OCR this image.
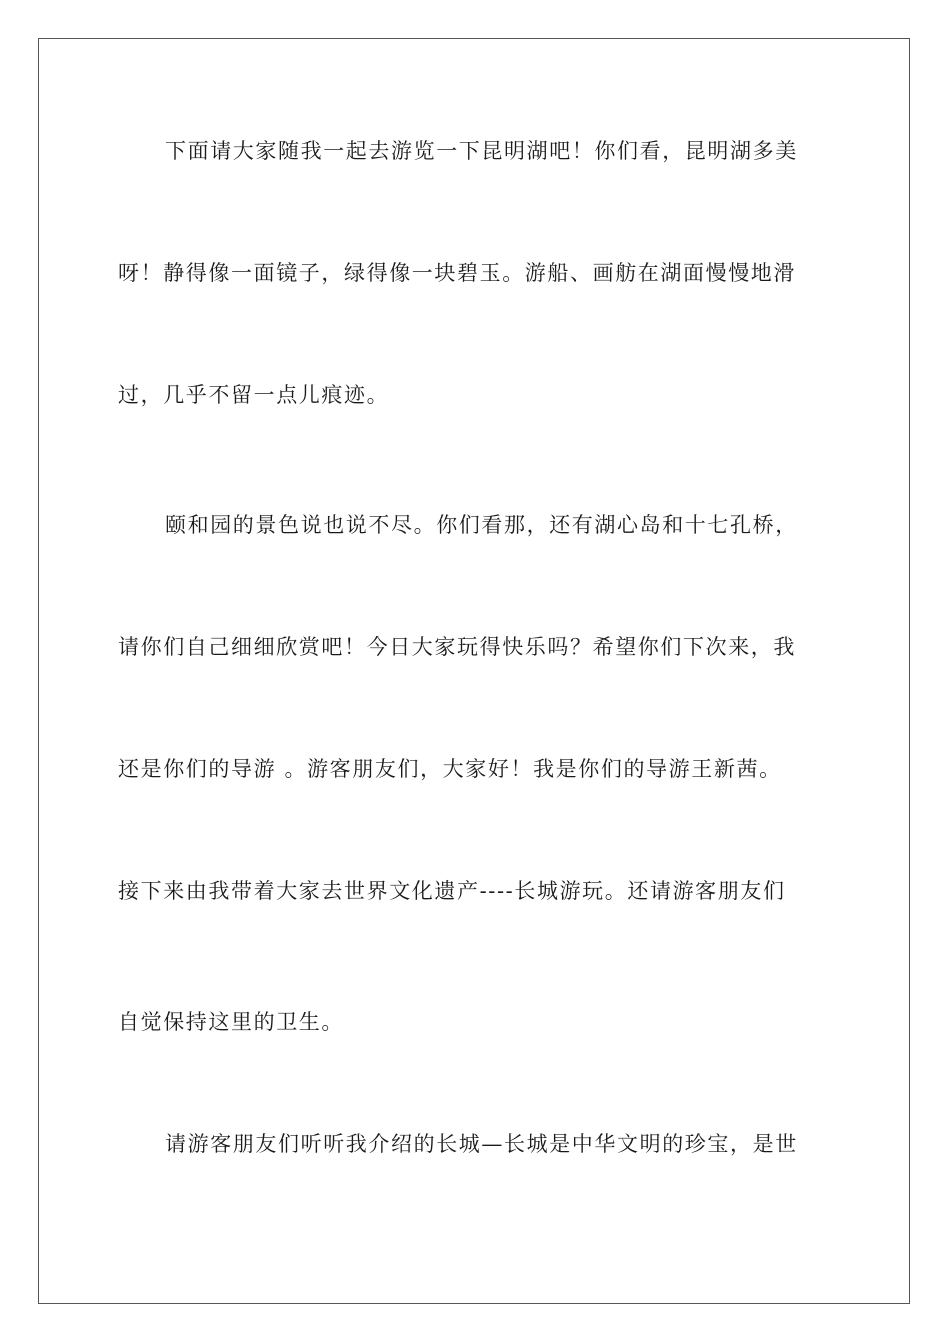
下面请大家随我一起去游览一下昆明湖吧！你们看，昆明湖多美
呀！静得像一面镜子，绿得像一块碧玉。游船、画舫在湖面慢慢地滑
过，几乎不留一点儿痕迹。
颐和园的景色说也说不尽。你们看那，还有湖心岛和十七孔桥，
请你们自己细细欣赏吧！今日大家玩得快乐吗？希望你们下次来，我
还是你们的导游 。游客朋友们，大家好！我是你们的导游王新茜。
接下来由我带着大家去世界文化遗产----长城游玩。还请游客朋友们
自觉保持这里的卫生。
请游客朋友们听听我介绍的长城—长城是中华文明的珍宝，是世
